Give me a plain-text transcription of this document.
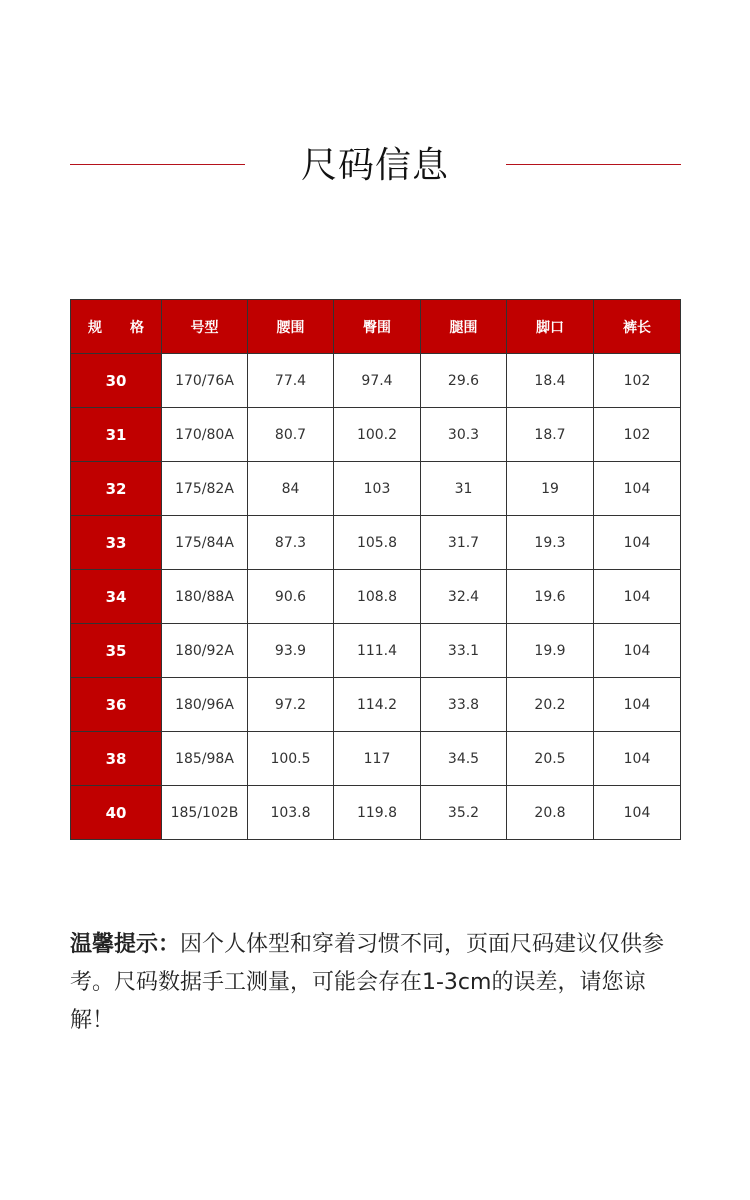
尺码信息
规 格	号型	腰围	臀围	腿围	脚口	裤长
30	170/76A	77.4	97.4	29.6	18.4	102
31	170/80A	80.7	100.2	30.3	18.7	102
32	175/82A	84	103	31	19	104
33	175/84A	87.3	105.8	31.7	19.3	104
34	180/88A	90.6	108.8	32.4	19.6	104
35	180/92A	93.9	111.4	33.1	19.9	104
36	180/96A	97.2	114.2	33.8	20.2	104
38	185/98A	100.5	117	34.5	20.5	104
40	185/102B	103.8	119.8	35.2	20.8	104
温馨提示：因个人体型和穿着习惯不同，页面尺码建议仅供参考。尺码数据手工测量，可能会存在1-3cm的误差，请您谅解！
